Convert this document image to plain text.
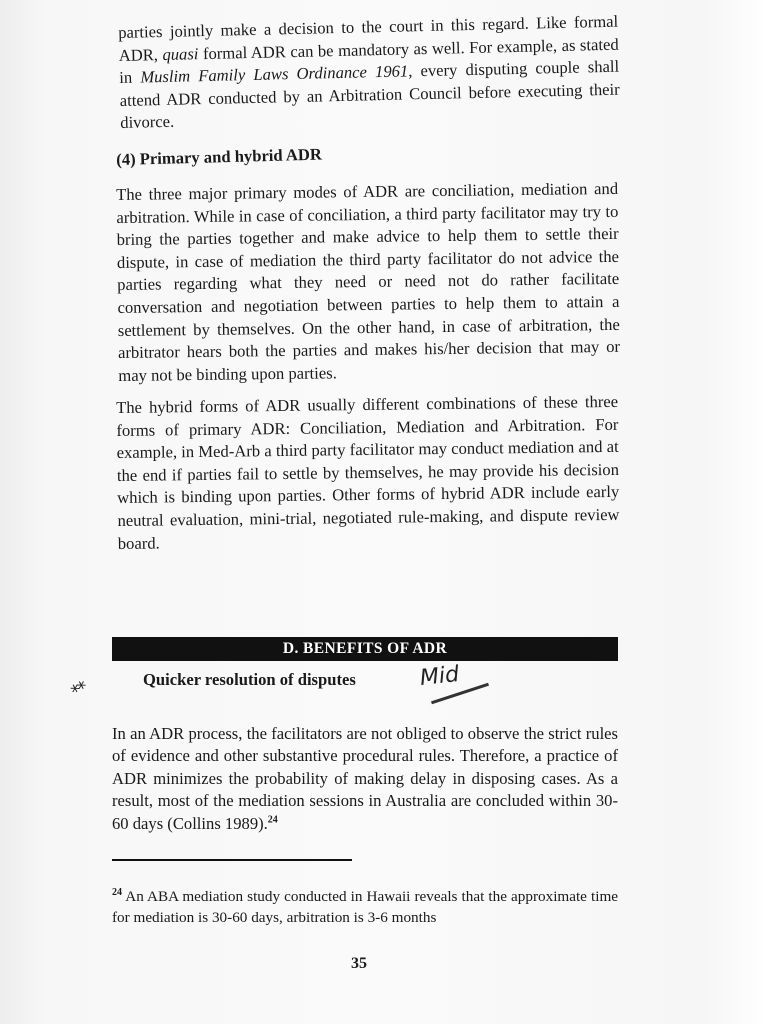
parties jointly make a decision to the court in this regard. Like formal ADR, quasi formal ADR can be mandatory as well. For example, as stated in Muslim Family Laws Ordinance 1961, every disputing couple shall attend ADR conducted by an Arbitration Council before executing their divorce.

(4) Primary and hybrid ADR

The three major primary modes of ADR are conciliation, mediation and arbitration. While in case of conciliation, a third party facilitator may try to bring the parties together and make advice to help them to settle their dispute, in case of mediation the third party facilitator do not advice the parties regarding what they need or need not do rather facilitate conversation and negotiation between parties to help them to attain a settlement by themselves. On the other hand, in case of arbitration, the arbitrator hears both the parties and makes his/her decision that may or may not be binding upon parties.

The hybrid forms of ADR usually different combinations of these three forms of primary ADR: Conciliation, Mediation and Arbitration. For example, in Med-Arb a third party facilitator may conduct mediation and at the end if parties fail to settle by themselves, he may provide his decision which is binding upon parties. Other forms of hybrid ADR include early neutral evaluation, mini-trial, negotiated rule-making, and dispute review board.

D. BENEFITS OF ADR
**	Quicker resolution of disputes	Mid

In an ADR process, the facilitators are not obliged to observe the strict rules of evidence and other substantive procedural rules. Therefore, a practice of ADR minimizes the probability of making delay in disposing cases. As a result, most of the mediation sessions in Australia are concluded within 30-60 days (Collins 1989).$^{24}$

$^{24}$ An ABA mediation study conducted in Hawaii reveals that the approximate time for mediation is 30-60 days, arbitration is 3-6 months

35
